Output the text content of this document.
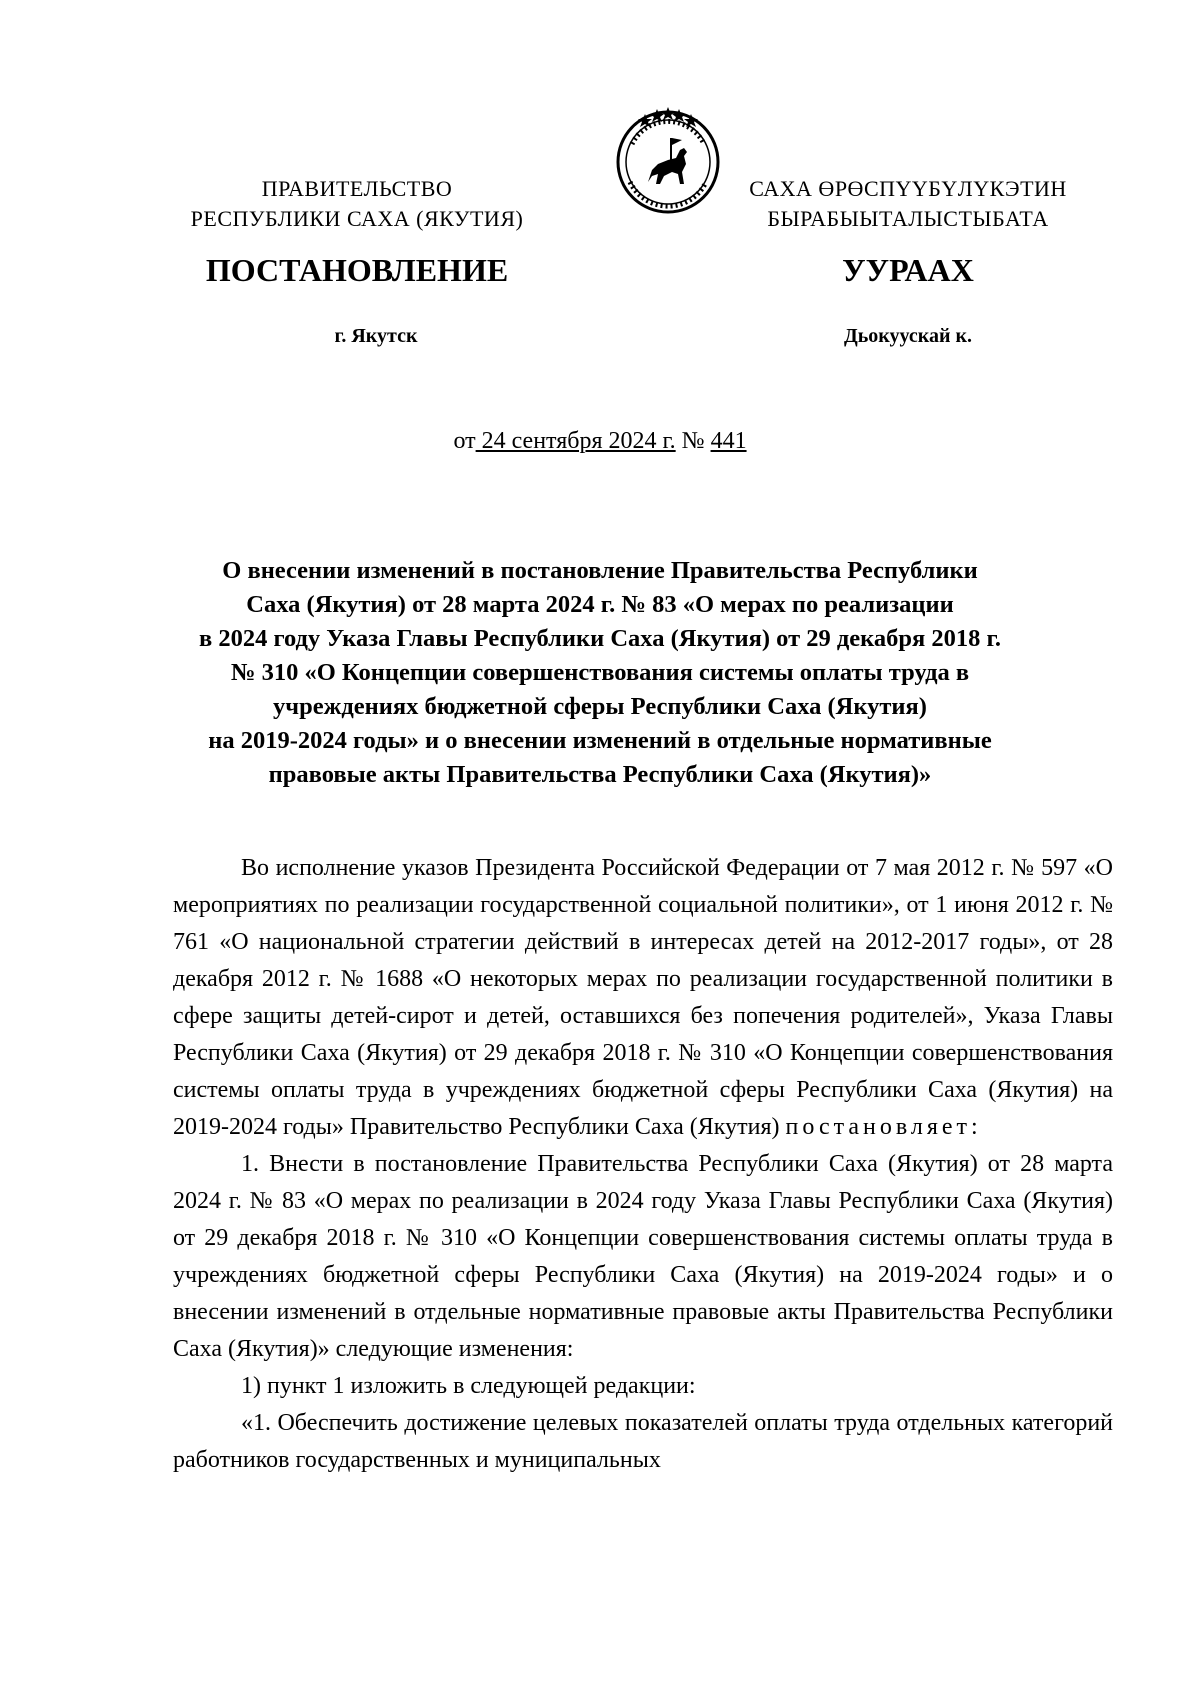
ПРАВИТЕЛЬСТВО
РЕСПУБЛИКИ САХА (ЯКУТИЯ)
САХА ӨРӨСПҮҮБҮЛҮКЭТИН
БЫРАБЫЫТАЛЫСТЫБАТА
ПОСТАНОВЛЕНИЕ	УУРААХ
г. Якутск	Дьокуускай к.
от 24 сентября 2024 г. № 441
О внесении изменений в постановление Правительства Республики
Саха (Якутия) от 28 марта 2024 г. № 83 «О мерах по реализации
в 2024 году Указа Главы Республики Саха (Якутия) от 29 декабря 2018 г.
№ 310 «О Концепции совершенствования системы оплаты труда в
учреждениях бюджетной сферы Республики Саха (Якутия)
на 2019-2024 годы» и о внесении изменений в отдельные нормативные
правовые акты Правительства Республики Саха (Якутия)»

Во исполнение указов Президента Российской Федерации от 7 мая 2012 г. № 597 «О мероприятиях по реализации государственной социальной политики», от 1 июня 2012 г. № 761 «О национальной стратегии действий в интересах детей на 2012-2017 годы», от 28 декабря 2012 г. № 1688 «О некоторых мерах по реализации государственной политики в сфере защиты детей-сирот и детей, оставшихся без попечения родителей», Указа Главы Республики Саха (Якутия) от 29 декабря 2018 г. № 310 «О Концепции совершенствования системы оплаты труда в учреждениях бюджетной сферы Республики Саха (Якутия) на 2019-2024 годы» Правительство Республики Саха (Якутия) постановляет:

1. Внести в постановление Правительства Республики Саха (Якутия) от 28 марта 2024 г. № 83 «О мерах по реализации в 2024 году Указа Главы Республики Саха (Якутия) от 29 декабря 2018 г. № 310 «О Концепции совершенствования системы оплаты труда в учреждениях бюджетной сферы Республики Саха (Якутия) на 2019-2024 годы» и о внесении изменений в отдельные нормативные правовые акты Правительства Республики Саха (Якутия)» следующие изменения:

1) пункт 1 изложить в следующей редакции:

«1. Обеспечить достижение целевых показателей оплаты труда отдельных категорий работников государственных и муниципальных
